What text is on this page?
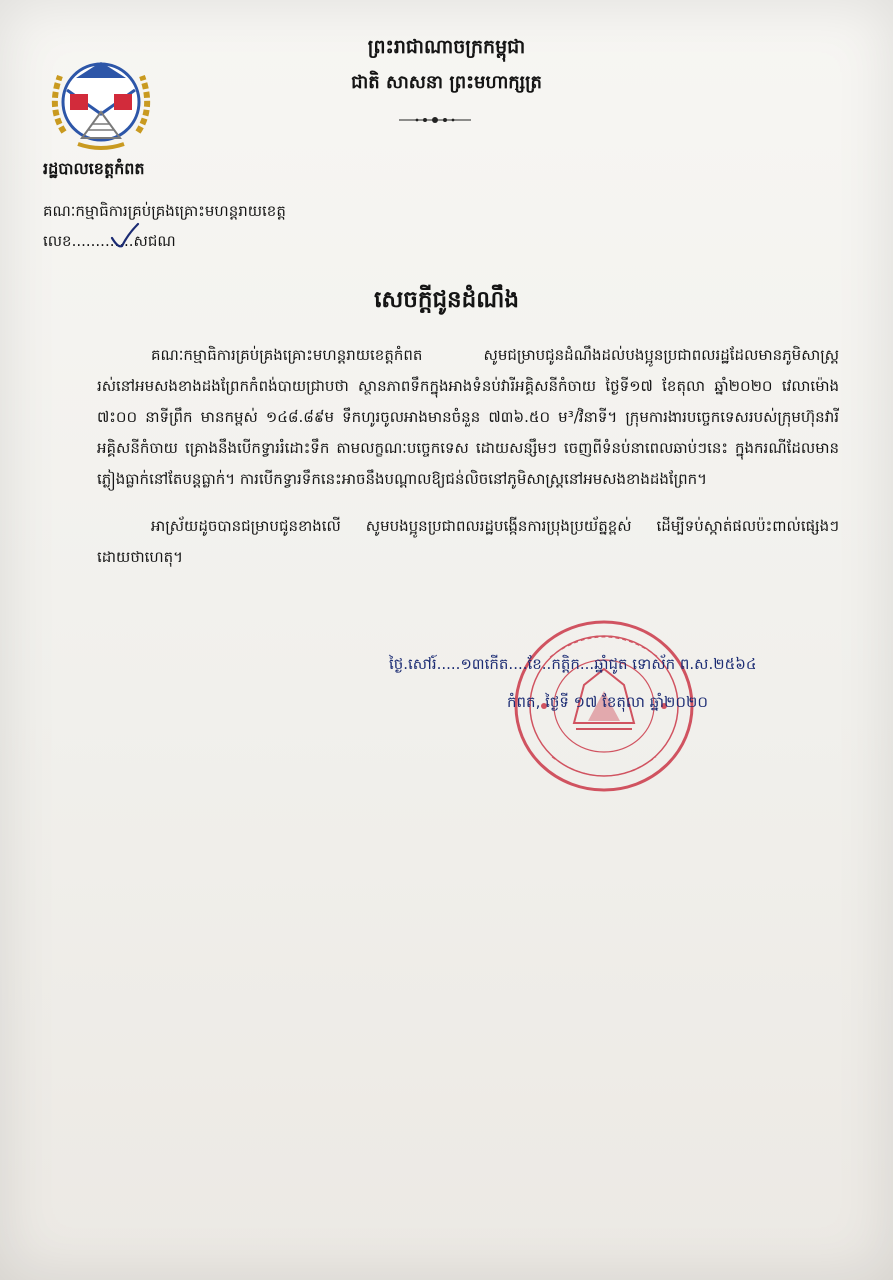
ព្រះរាជាណាចក្រកម្ពុជា
ជាតិ សាសនា ព្រះមហាក្សត្រ
រដ្ឋបាលខេត្តកំពត
គណៈកម្មាធិការគ្រប់គ្រងគ្រោះមហន្តរាយខេត្ត
លេខ.............សជណ
សេចក្តីជូនដំណឹង

គណៈកម្មាធិការគ្រប់គ្រងគ្រោះមហន្តរាយខេត្តកំពត សូមជម្រាបជូនដំណឹងដល់បងប្អូនប្រជាពលរដ្ឋដែលមានភូមិសាស្ត្ររស់នៅអមសងខាងដងព្រែកកំពង់បាយជ្រាបថា ស្ថានភាពទឹកក្នុងអាងទំនប់វារីអគ្គិសនីកំចាយ ថ្ងៃទី១៧ ខែតុលា ឆ្នាំ២០២០ វេលាម៉ោង ៧ះ០០ នាទីព្រឹក មានកម្ពស់ ១៤៨.៨៩ម ទឹកហូរចូលអាងមានចំនួន ៧៣៦.៥០ ម³/វិនាទី។ ក្រុមការងារបច្ចេកទេសរបស់ក្រុមហ៊ុនវារីអគ្គិសនីកំចាយ គ្រោងនឹងបើកទ្វាររំដោះទឹក តាមលក្ខណៈបច្ចេកទេស ដោយសន្សឹមៗ ចេញពីទំនប់នាពេលឆាប់ៗនេះ ក្នុងករណីដែលមានភ្លៀងធ្លាក់នៅតែបន្តធ្លាក់។ ការបើកទ្វារទឹកនេះអាចនឹងបណ្តាលឱ្យជន់លិចនៅភូមិសាស្ត្រនៅអមសងខាងដងព្រែក។

អាស្រ័យដូចបានជម្រាបជូនខាងលើ សូមបងប្អូនប្រជាពលរដ្ឋបង្កើនការប្រុងប្រយ័ត្នខ្ពស់ ដើម្បីទប់ស្កាត់ផលប៉ះពាល់ផ្សេងៗ ដោយថាហេតុ។

ថ្ងៃ.សៅរ៍.....១៣កើត....ខែ..កត្តិក...ឆ្នាំជូត ទោស័ក ព.ស.២៥៦៤
កំពត, ថ្ងៃទី ១៧ ខែតុលា ឆ្នាំ២០២០
